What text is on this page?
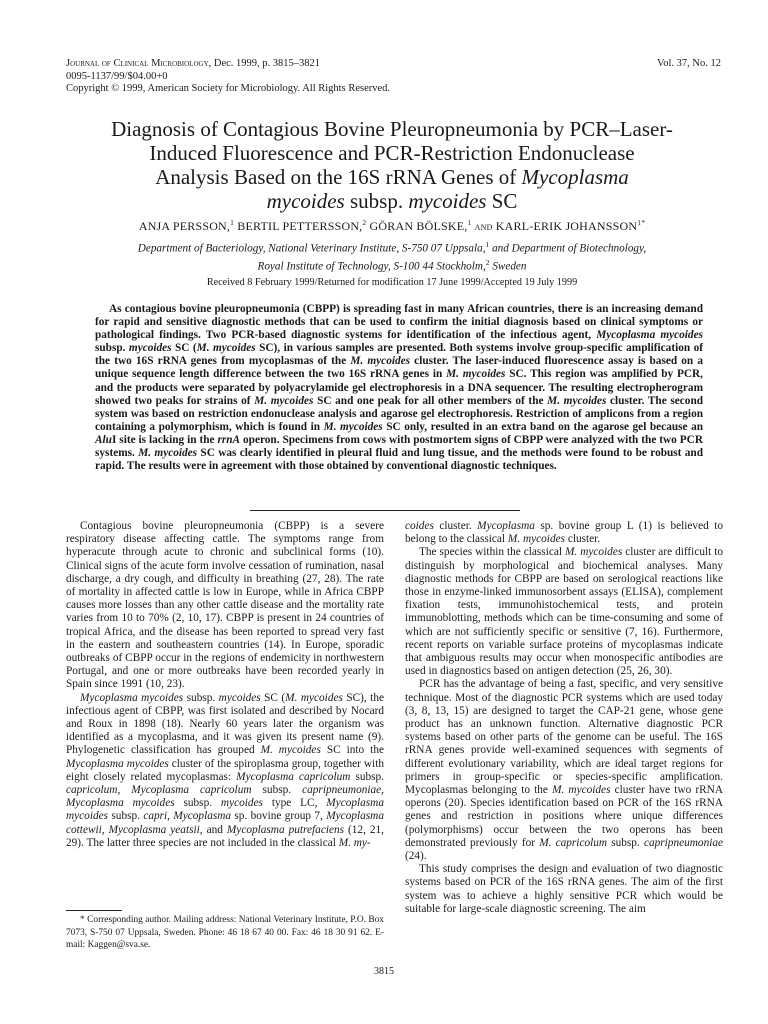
Journal of Clinical Microbiology, Dec. 1999, p. 3815–3821
0095-1137/99/$04.00+0
Copyright © 1999, American Society for Microbiology. All Rights Reserved.
Vol. 37, No. 12
Diagnosis of Contagious Bovine Pleuropneumonia by PCR–Laser-
Induced Fluorescence and PCR-Restriction Endonuclease
Analysis Based on the 16S rRNA Genes of Mycoplasma
mycoides subsp. mycoides SC
ANJA PERSSON,$^1$ BERTIL PETTERSSON,$^2$ GÖRAN BÖLSKE,$^1$ and KARL-ERIK $JOHANSSON^{1*}$
Department of Bacteriology, National Veterinary Institute, S-750 07 Uppsala,$^1$ and Department of Biotechnology,
Royal Institute of Technology, S-100 44 Stockholm,$^2$ Sweden
Received 8 February 1999/Returned for modification 17 June 1999/Accepted 19 July 1999
As contagious bovine pleuropneumonia (CBPP) is spreading fast in many African countries, there is an increasing demand for rapid and sensitive diagnostic methods that can be used to confirm the initial diagnosis based on clinical symptoms or pathological findings. Two PCR-based diagnostic systems for identification of the infectious agent, Mycoplasma mycoides subsp. mycoides SC (M. mycoides SC), in various samples are presented. Both systems involve group-specific amplification of the two 16S rRNA genes from mycoplasmas of the M. mycoides cluster. The laser-induced fluorescence assay is based on a unique sequence length difference between the two 16S rRNA genes in M. mycoides SC. This region was amplified by PCR, and the products were separated by polyacrylamide gel electrophoresis in a DNA sequencer. The resulting electropherogram showed two peaks for strains of M. mycoides SC and one peak for all other members of the M. mycoides cluster. The second system was based on restriction endonuclease analysis and agarose gel electrophoresis. Restriction of amplicons from a region containing a polymorphism, which is found in M. mycoides SC only, resulted in an extra band on the agarose gel because an AluI site is lacking in the rrnA operon. Specimens from cows with postmortem signs of CBPP were analyzed with the two PCR systems. M. mycoides SC was clearly identified in pleural fluid and lung tissue, and the methods were found to be robust and rapid. The results were in agreement with those obtained by conventional diagnostic techniques.

Contagious bovine pleuropneumonia (CBPP) is a severe respiratory disease affecting cattle. The symptoms range from hyperacute through acute to chronic and subclinical forms (10). Clinical signs of the acute form involve cessation of rumination, nasal discharge, a dry cough, and difficulty in breathing (27, 28). The rate of mortality in affected cattle is low in Europe, while in Africa CBPP causes more losses than any other cattle disease and the mortality rate varies from 10 to 70% (2, 10, 17). CBPP is present in 24 countries of tropical Africa, and the disease has been reported to spread very fast in the eastern and southeastern countries (14). In Europe, sporadic outbreaks of CBPP occur in the regions of endemicity in northwestern Portugal, and one or more outbreaks have been recorded yearly in Spain since 1991 (10, 23).

Mycoplasma mycoides subsp. mycoides SC (M. mycoides SC), the infectious agent of CBPP, was first isolated and described by Nocard and Roux in 1898 (18). Nearly 60 years later the organism was identified as a mycoplasma, and it was given its present name (9). Phylogenetic classification has grouped M. mycoides SC into the Mycoplasma mycoides cluster of the spiroplasma group, together with eight closely related mycoplasmas: Mycoplasma capricolum subsp. capricolum, Mycoplasma capricolum subsp. capripneumoniae, Mycoplasma mycoides subsp. mycoides type LC, Mycoplasma mycoides subsp. capri, Mycoplasma sp. bovine group 7, Mycoplasma cottewii, Mycoplasma yeatsii, and Mycoplasma putrefaciens (12, 21, 29). The latter three species are not included in the classical M. my-

coides cluster. Mycoplasma sp. bovine group L (1) is believed to belong to the classical M. mycoides cluster.

The species within the classical M. mycoides cluster are difficult to distinguish by morphological and biochemical analyses. Many diagnostic methods for CBPP are based on serological reactions like those in enzyme-linked immunosorbent assays (ELISA), complement fixation tests, immunohistochemical tests, and protein immunoblotting, methods which can be time-consuming and some of which are not sufficiently specific or sensitive (7, 16). Furthermore, recent reports on variable surface proteins of mycoplasmas indicate that ambiguous results may occur when monospecific antibodies are used in diagnostics based on antigen detection (25, 26, 30).

PCR has the advantage of being a fast, specific, and very sensitive technique. Most of the diagnostic PCR systems which are used today (3, 8, 13, 15) are designed to target the CAP-21 gene, whose gene product has an unknown function. Alternative diagnostic PCR systems based on other parts of the genome can be useful. The 16S rRNA genes provide well-examined sequences with segments of different evolutionary variability, which are ideal target regions for primers in group-specific or species-specific amplification. Mycoplasmas belonging to the M. mycoides cluster have two rRNA operons (20). Species identification based on PCR of the 16S rRNA genes and restriction in positions where unique differences (polymorphisms) occur between the two operons has been demonstrated previously for M. capricolum subsp. capripneumoniae (24).

This study comprises the design and evaluation of two diagnostic systems based on PCR of the 16S rRNA genes. The aim of the first system was to achieve a highly sensitive PCR which would be suitable for large-scale diagnostic screening. The aim

* Corresponding author. Mailing address: National Veterinary Institute, P.O. Box 7073, S-750 07 Uppsala, Sweden. Phone: 46 18 67 40 00. Fax: 46 18 30 91 62. E-mail: Kaggen@sva.se.
3815
